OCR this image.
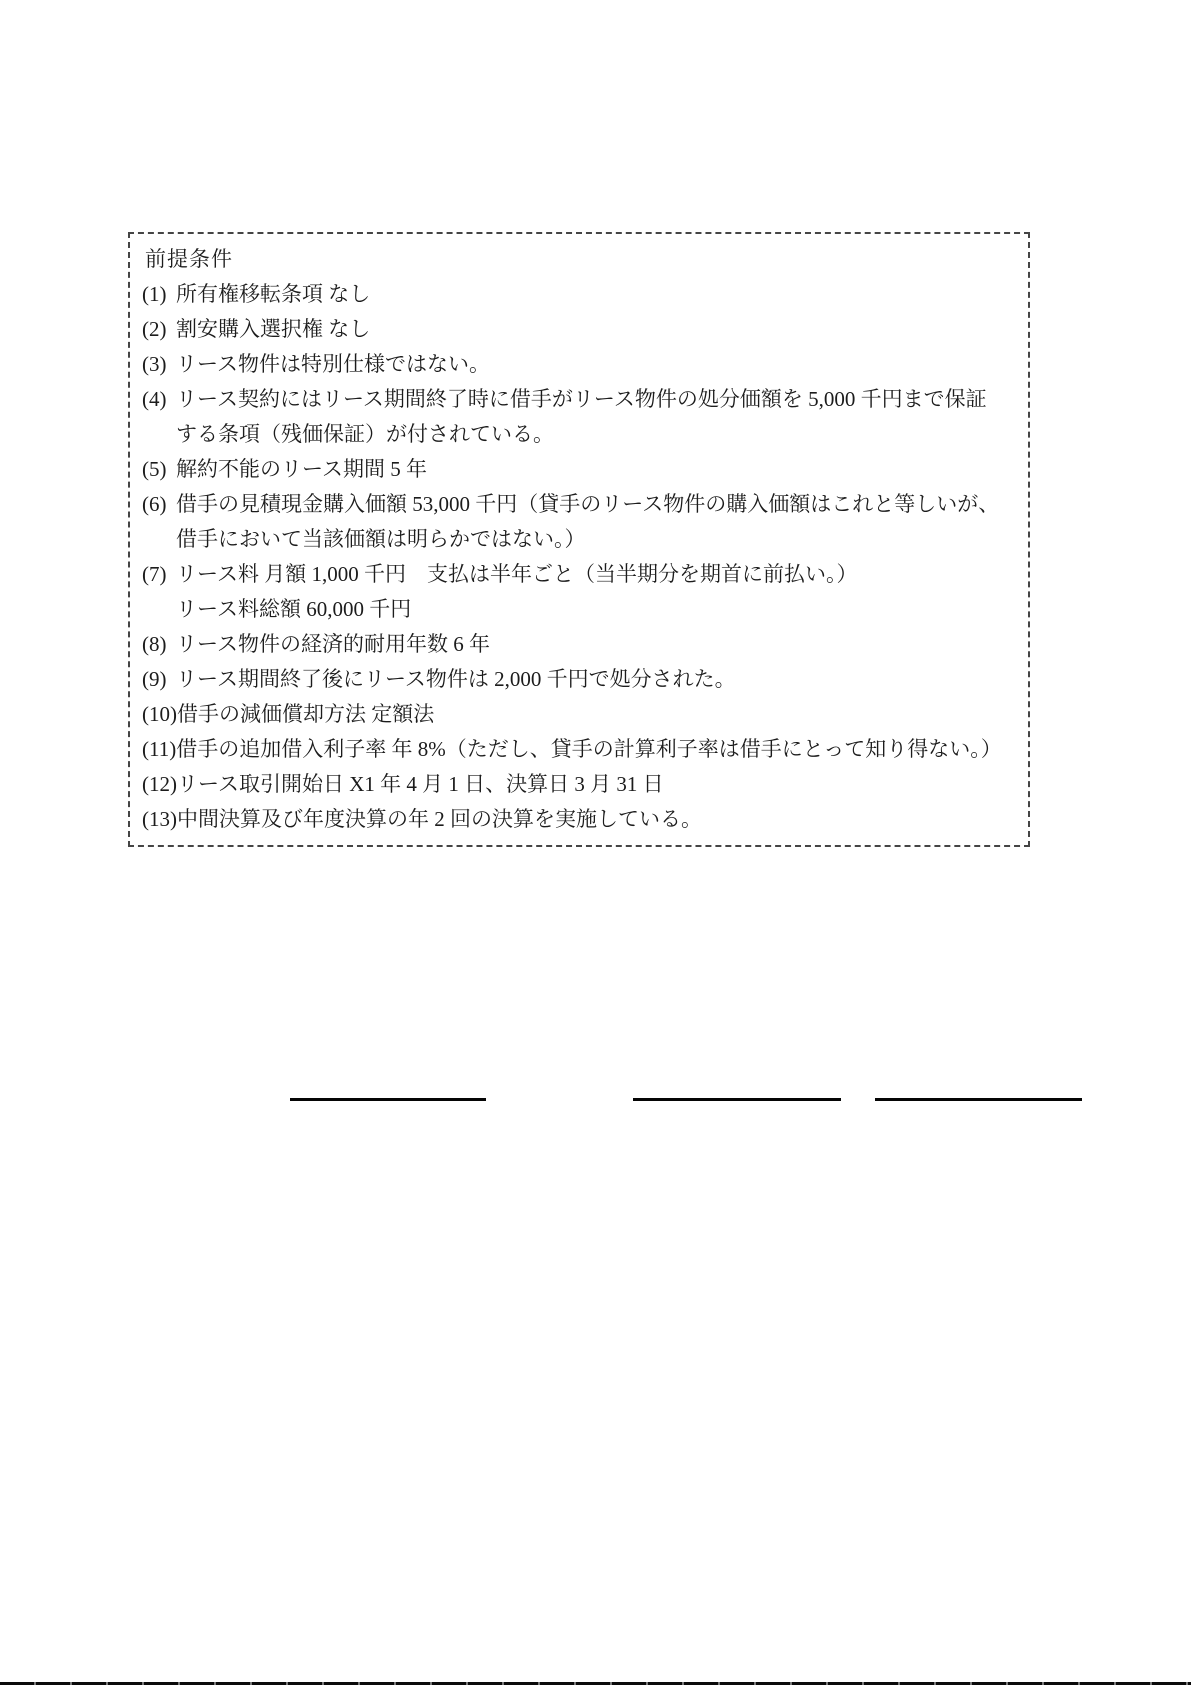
前提条件
(1) 所有権移転条項 なし
(2) 割安購入選択権 なし
(3) リース物件は特別仕様ではない。
(4) リース契約にはリース期間終了時に借手がリース物件の処分価額を 5,000 千円まで保証
する条項（残価保証）が付されている。
(5) 解約不能のリース期間 5 年
(6) 借手の見積現金購入価額 53,000 千円（貸手のリース物件の購入価額はこれと等しいが、
借手において当該価額は明らかではない。）
(7) リース料 月額 1,000 千円　支払は半年ごと（当半期分を期首に前払い。）
リース料総額 60,000 千円
(8) リース物件の経済的耐用年数 6 年
(9) リース期間終了後にリース物件は 2,000 千円で処分された。
(10) 借手の減価償却方法 定額法
(11) 借手の追加借入利子率 年 8%（ただし、貸手の計算利子率は借手にとって知り得ない。）
(12) リース取引開始日 X1 年 4 月 1 日、決算日 3 月 31 日
(13) 中間決算及び年度決算の年 2 回の決算を実施している。
